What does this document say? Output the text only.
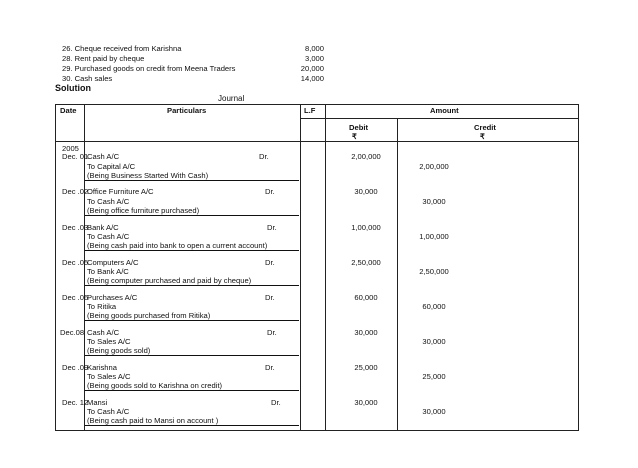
26. Cheque received from Karishna	8,000
28. Rent paid by cheque	3,000
29. Purchased goods on credit from Meena Traders	20,000
30. Cash sales	14,000
Solution
Journal
Date	Particulars	L.F	Amount
Debit
₹
Credit
₹
2005
Dec. 01
Cash A/C	Dr.	2,00,000
To Capital A/C	2,00,000
(Being Business Started With Cash)
Dec .02
Office Furniture A/C	Dr.	30,000
To Cash A/C	30,000
(Being office furniture purchased)
Dec .03
Bank A/C	Dr.	1,00,000
To Cash A/C	1,00,000
(Being cash paid into bank to open a current account)
Dec .05
Computers A/C	Dr.	2,50,000
To Bank A/C	2,50,000
(Being computer purchased and paid by cheque)
Dec .06
Purchases A/C	Dr.	60,000
To Ritika	60,000
(Being goods purchased from Ritika)
Dec.08 Cash A/C	Dr.	30,000
To Sales A/C	30,000
(Being goods sold)
Dec .09
Karishna	Dr.	25,000
To Sales A/C	25,000
(Being goods sold to Karishna on credit)
Dec. 12
Mansi	Dr.	30,000
To Cash A/C	30,000
(Being cash paid to Mansi on account )
